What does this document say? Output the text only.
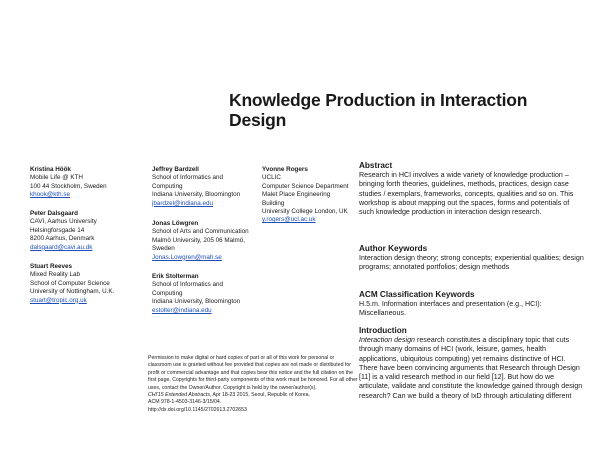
Knowledge Production in Interaction Design
Kristina Höök
Mobile Life @ KTH
100 44 Stockholm, Sweden
khook@kth.se
Peter Dalsgaard
CAVI, Aarhus University
Helsingforsgade 14
8200 Aarhus, Denmark
dalsgaard@cavi.au.dk
Stuart Reeves
Mixed Reality Lab
School of Computer Science
University of Nottingham, U.K.
stuart@tropic.org.uk
Jeffrey Bardzell
School of Informatics and
Computing
Indiana University, Bloomington
jbardzel@indiana.edu
Jonas Löwgren
School of Arts and Communication
Malmö University, 205 06 Malmö,
Sweden
Jonas.Lowgren@mah.se
Erik Stolterman
School of Informatics and
Computing
Indiana University, Bloomington
estolter@indiana.edu
Yvonne Rogers
UCLIC
Computer Science Department
Malet Place Engineering
Building
University College London, UK
y.rogers@ucl.ac.uk
Permission to make digital or hard copies of part or all of this work for personal or classroom use is granted without fee provided that copies are not made or distributed for profit or commercial advantage and that copies bear this notice and the full citation on the first page. Copyrights for third-party components of this work must be honored. For all other uses, contact the Owner/Author. Copyright is held by the owner/author(s).
CHI'15 Extended Abstracts, Apr 18-23 2015, Seoul, Republic of Korea.
ACM 978-1-4503-3146-3/15/04.
http://dx.doi.org/10.1145/2702613.2702653
Abstract
Research in HCI involves a wide variety of knowledge production – bringing forth theories, guidelines, methods, practices, design case studies / exemplars, frameworks, concepts, qualities and so on. This workshop is about mapping out the spaces, forms and potentials of such knowledge production in interaction design research.
Author Keywords
Interaction design theory; strong concepts; experiential qualities; design programs; annotated portfolios; design methods
ACM Classification Keywords
H.5.m. Information interfaces and presentation (e.g., HCI): Miscellaneous.
Introduction
Interaction design research constitutes a disciplinary topic that cuts through many domains of HCI (work, leisure, games, health applications, ubiquitous computing) yet remains distinctive of HCI. There have been convincing arguments that Research through Design [11] is a valid research method in our field [12]. But how do we articulate, validate and constitute the knowledge gained through design research? Can we build a theory of IxD through articulating different
